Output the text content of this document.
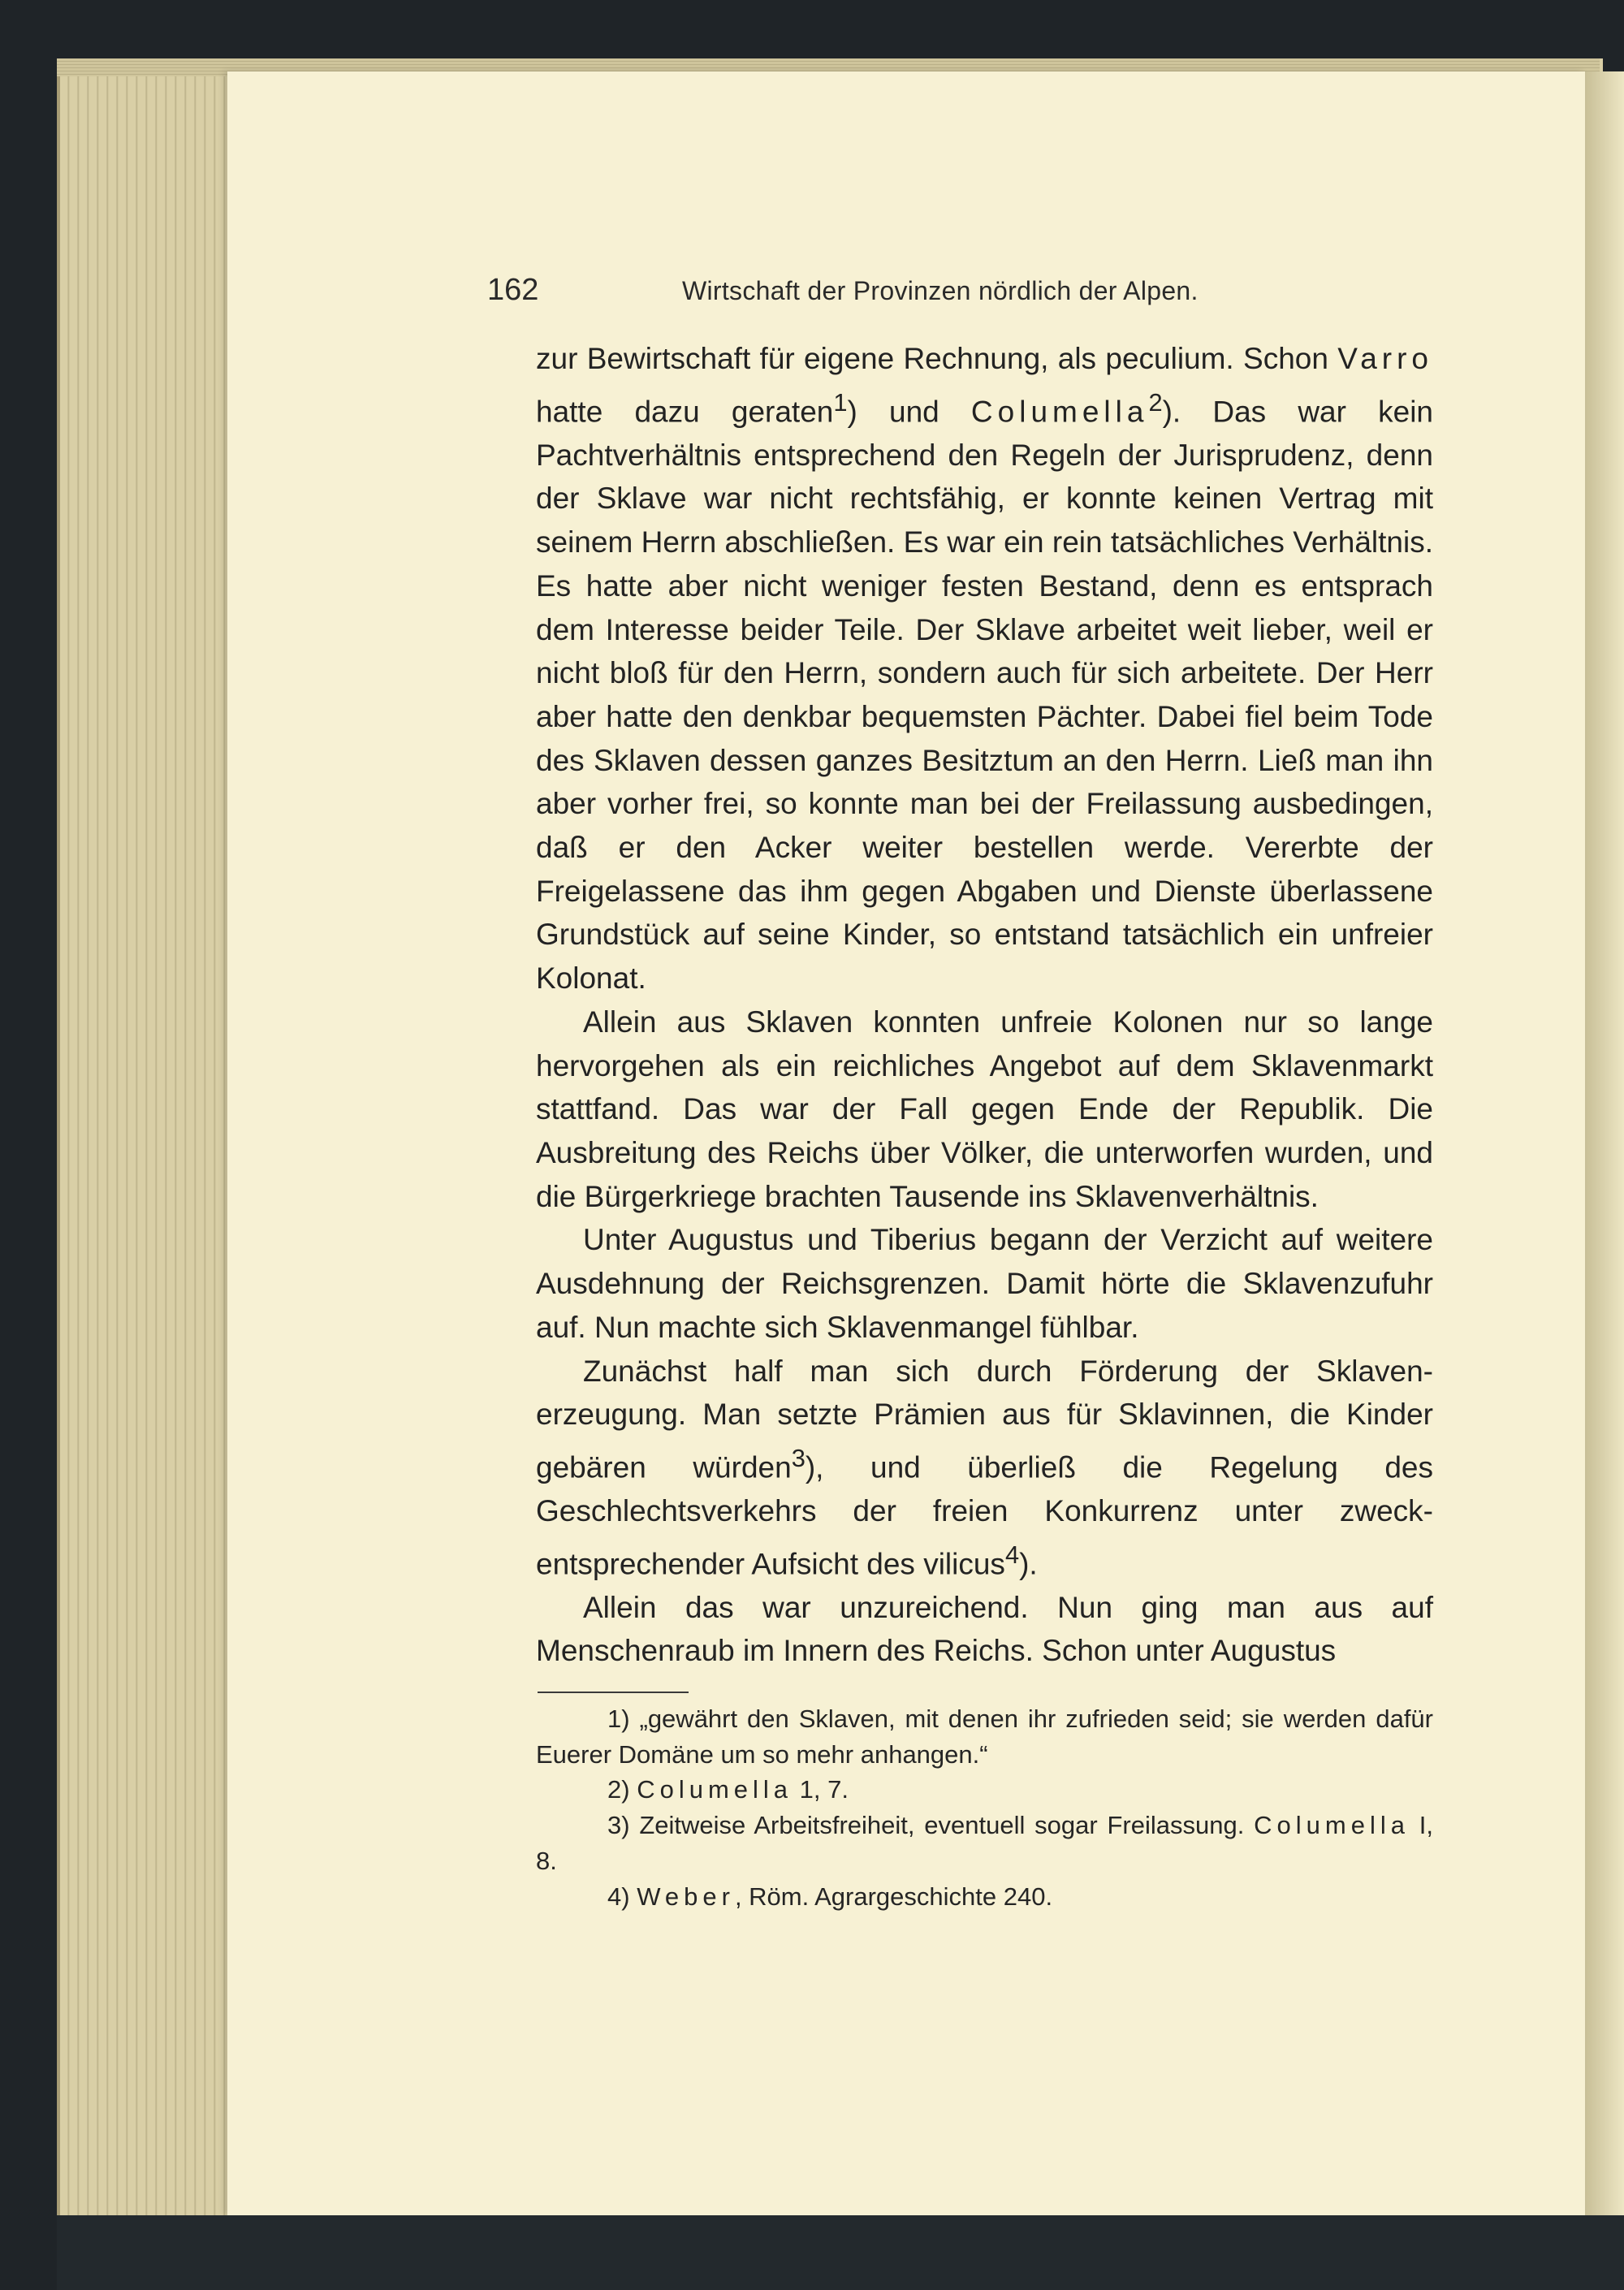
162	Wirtschaft der Provinzen nördlich der Alpen.

zur Bewirtschaft für eigene Rechnung, als peculium. Schon Varro hatte dazu geraten$^1$) und Columella$^2$). Das war kein Pachtverhältnis entsprechend den Regeln der Jurisprudenz, denn der Sklave war nicht rechtsfähig, er konnte keinen Vertrag mit seinem Herrn abschließen. Es war ein rein tatsächliches Verhältnis. Es hatte aber nicht weniger festen Bestand, denn es entsprach dem Interesse beider Teile. Der Sklave arbeitet weit lieber, weil er nicht bloß für den Herrn, sondern auch für sich arbeitete. Der Herr aber hatte den denkbar bequemsten Pächter. Dabei fiel beim Tode des Sklaven dessen ganzes Besitztum an den Herrn. Ließ man ihn aber vorher frei, so konnte man bei der Freilassung ausbedingen, daß er den Acker weiter bestellen werde. Vererbte der Freigelassene das ihm gegen Abgaben und Dienste überlassene Grundstück auf seine Kinder, so entstand tatsächlich ein unfreier Kolonat.

Allein aus Sklaven konnten unfreie Kolonen nur so lange hervorgehen als ein reichliches Angebot auf dem Sklavenmarkt stattfand. Das war der Fall gegen Ende der Republik. Die Ausbreitung des Reichs über Völker, die unterworfen wurden, und die Bürgerkriege brachten Tausende ins Sklavenverhältnis.

Unter Augustus und Tiberius begann der Verzicht auf weitere Ausdehnung der Reichsgrenzen. Damit hörte die Sklavenzufuhr auf. Nun machte sich Sklavenmangel fühlbar.

Zunächst half man sich durch Förderung der Sklaven-erzeugung. Man setzte Prämien aus für Sklavinnen, die Kinder gebären würden$^3$), und überließ die Regelung des Geschlechtsverkehrs der freien Konkurrenz unter zweck-entsprechender Aufsicht des vilicus$^4$).

Allein das war unzureichend. Nun ging man aus auf Menschenraub im Innern des Reichs. Schon unter Augustus

1) „gewährt den Sklaven, mit denen ihr zufrieden seid; sie werden dafür Euerer Domäne um so mehr anhangen.“

2) Columella 1, 7.

3) Zeitweise Arbeitsfreiheit, eventuell sogar Freilassung. Columella I, 8.

4) Weber, Röm. Agrargeschichte 240.
